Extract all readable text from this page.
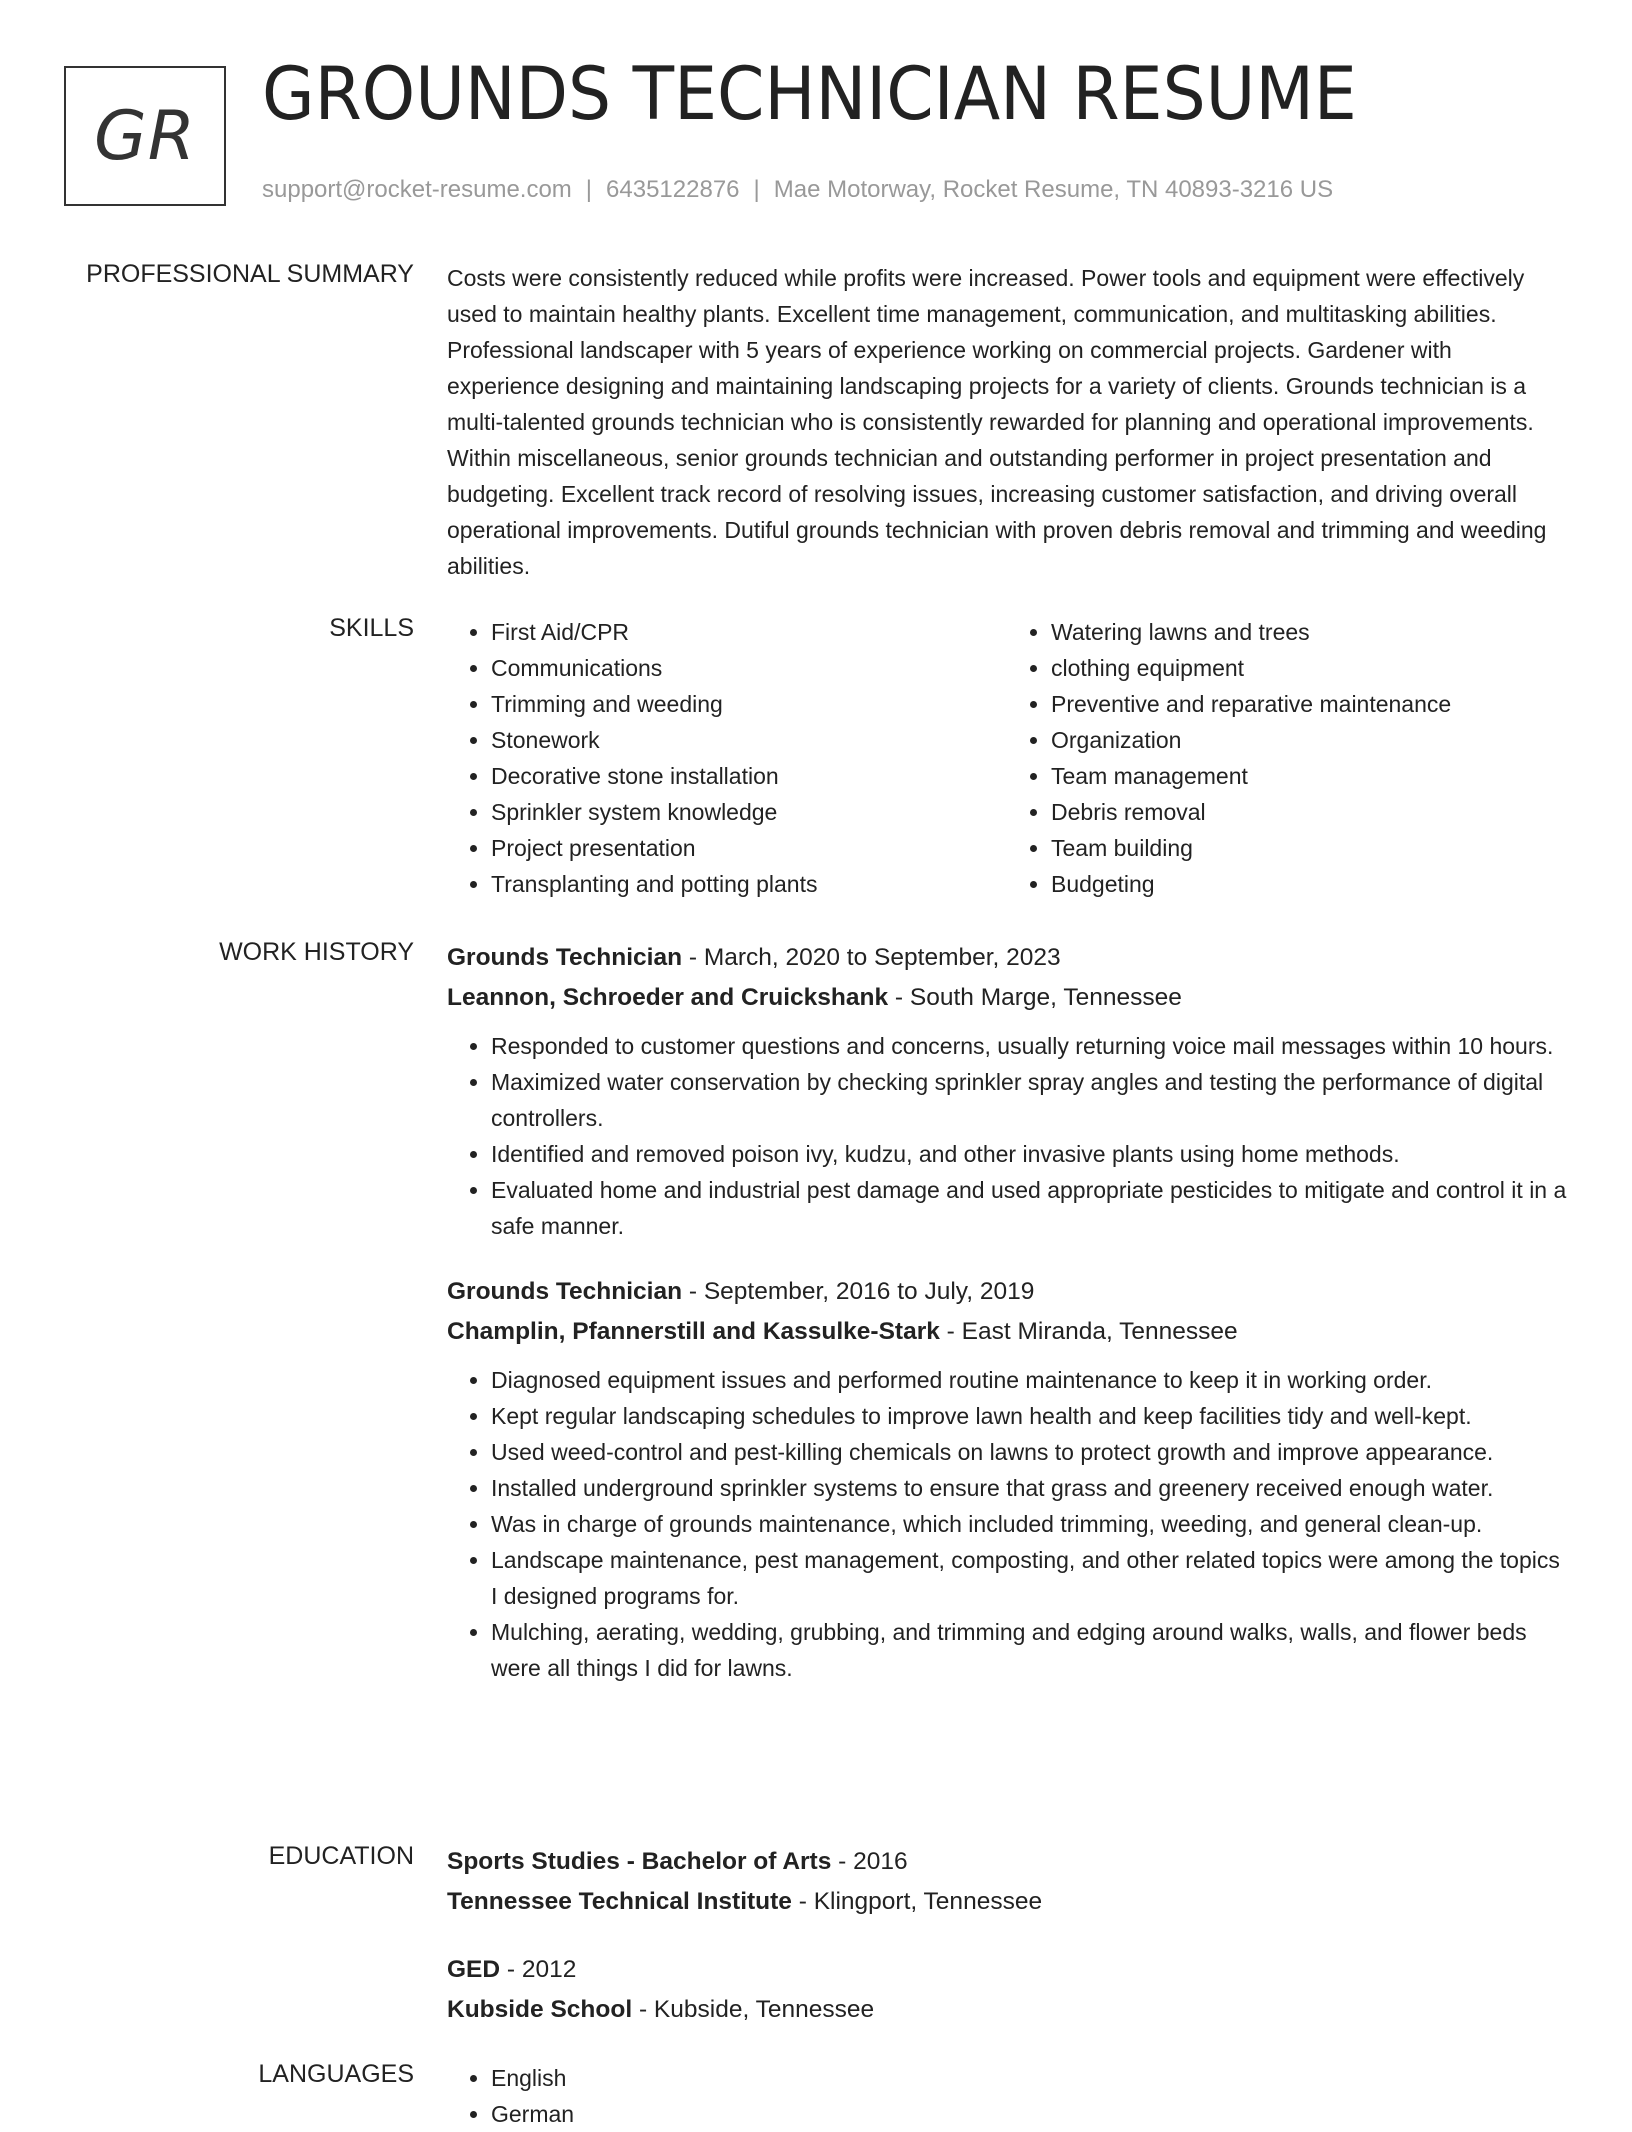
GR GROUNDS TECHNICIAN RESUME
support@rocket-resume.com | 6435122876 | Mae Motorway, Rocket Resume, TN 40893-3216 US
PROFESSIONAL SUMMARY Costs were consistently reduced while profits were increased. Power tools and equipment were effectively used to maintain healthy plants. Excellent time management, communication, and multitasking abilities. Professional landscaper with 5 years of experience working on commercial projects. Gardener with experience designing and maintaining landscaping projects for a variety of clients. Grounds technician is a multi-talented grounds technician who is consistently rewarded for planning and operational improvements. Within miscellaneous, senior grounds technician and outstanding performer in project presentation and budgeting. Excellent track record of resolving issues, increasing customer satisfaction, and driving overall operational improvements. Dutiful grounds technician with proven debris removal and trimming and weeding abilities.

SKILLS	• First Aid/CPR
• Communications
• Trimming and weeding
• Stonework
• Decorative stone installation
• Sprinkler system knowledge
• Project presentation
• Transplanting and potting plants
• Watering lawns and trees
• clothing equipment
• Preventive and reparative maintenance
• Organization
• Team management
• Debris removal
• Team building
• Budgeting
WORK HISTORY Grounds Technician - March, 2020 to September, 2023
Leannon, Schroeder and Cruickshank - South Marge, Tennessee
• Responded to customer questions and concerns, usually returning voice mail messages within 10 hours.
• Maximized water conservation by checking sprinkler spray angles and testing the performance of digital controllers.
• Identified and removed poison ivy, kudzu, and other invasive plants using home methods.
• Evaluated home and industrial pest damage and used appropriate pesticides to mitigate and control it in a safe manner.
Grounds Technician - September, 2016 to July, 2019
Champlin, Pfannerstill and Kassulke-Stark - East Miranda, Tennessee
• Diagnosed equipment issues and performed routine maintenance to keep it in working order.
• Kept regular landscaping schedules to improve lawn health and keep facilities tidy and well-kept.
• Used weed-control and pest-killing chemicals on lawns to protect growth and improve appearance.
• Installed underground sprinkler systems to ensure that grass and greenery received enough water.
• Was in charge of grounds maintenance, which included trimming, weeding, and general clean-up.
• Landscape maintenance, pest management, composting, and other related topics were among the topics I designed programs for.
• Mulching, aerating, wedding, grubbing, and trimming and edging around walks, walls, and flower beds were all things I did for lawns.
EDUCATION Sports Studies - Bachelor of Arts - 2016
Tennessee Technical Institute - Klingport, Tennessee
GED - 2012
Kubside School - Kubside, Tennessee
LANGUAGES	• English
• German
